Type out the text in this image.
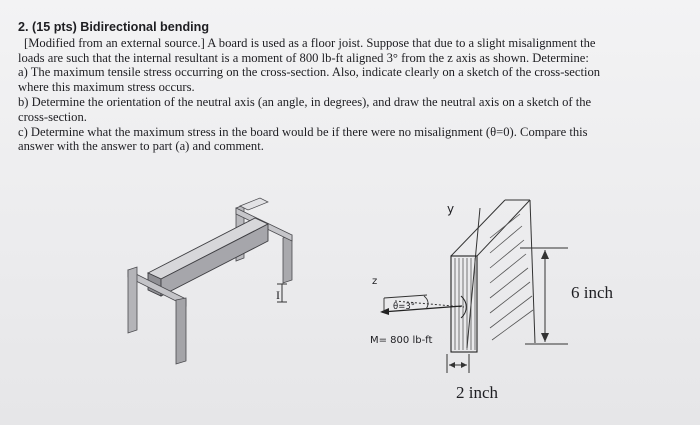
2. (15 pts) Bidirectional bending

[Modified from an external source.] A board is used as a floor joist. Suppose that due to a slight misalignment the

loads are such that the internal resultant is a moment of 800 lb-ft aligned 3° from the z axis as shown. Determine:

a) The maximum tensile stress occurring on the cross-section. Also, indicate clearly on a sketch of the cross-section

where this maximum stress occurs.

b) Determine the orientation of the neutral axis (an angle, in degrees), and draw the neutral axis on a sketch of the

cross-section.

c) Determine what the maximum stress in the board would be if there were no misalignment (θ=0). Compare this

answer with the answer to part (a) and comment.

I
y
z
θ=3°
M= 800 lb-ft
6 inch
2 inch
